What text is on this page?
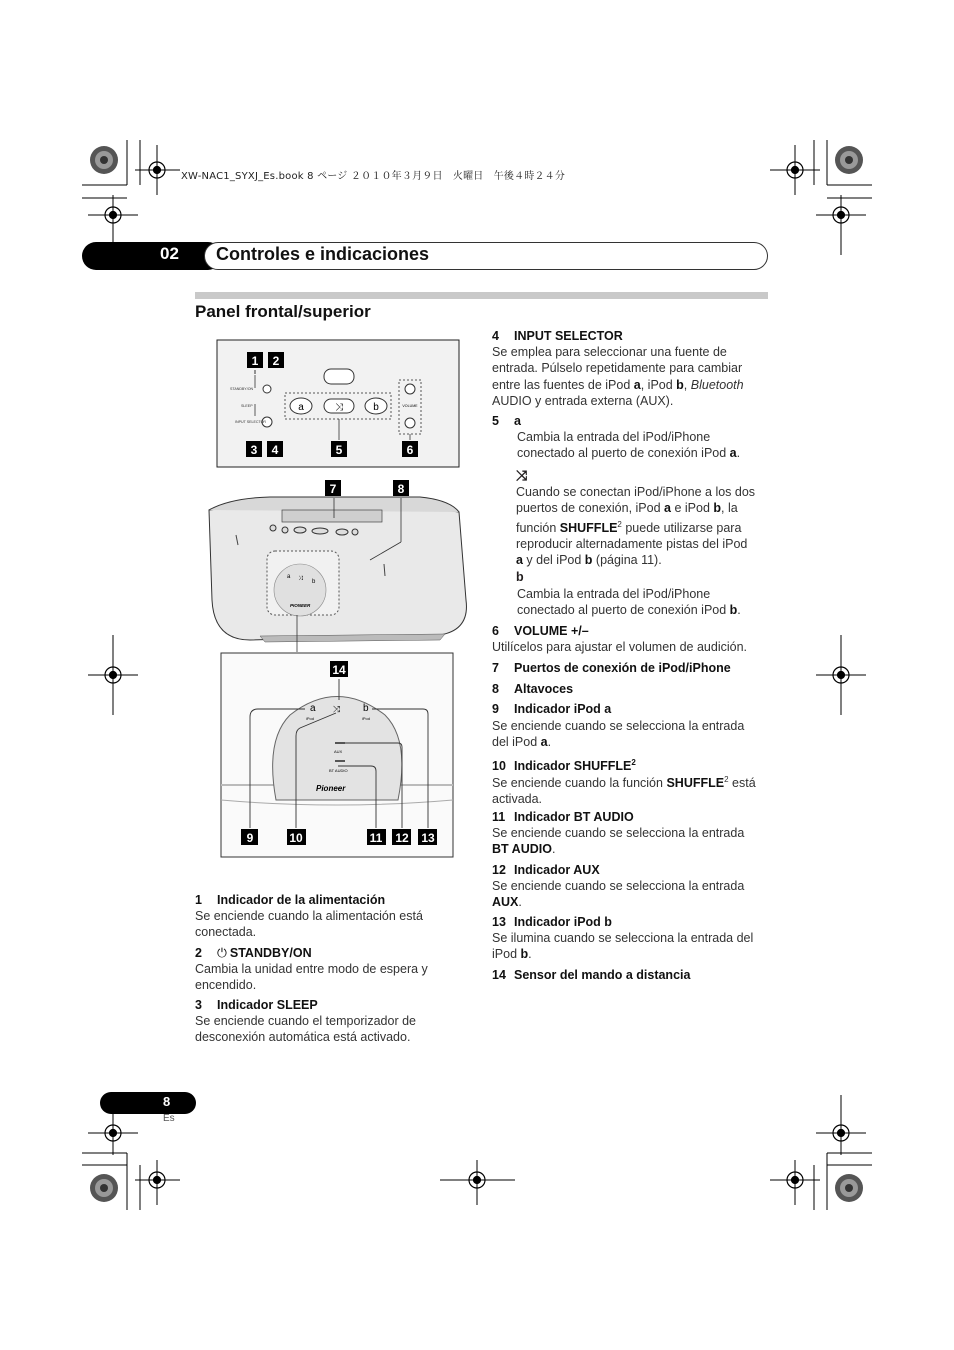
XW-NAC1_SYXJ_Es.book 8 ページ ２０１０年３月９日　火曜日　午後４時２４分
02 Controles e indicaciones
Panel frontal/superior
STANDBY/ON
SLEEP
INPUT SELECTOR
a	⤨	b	VOLUME
a
b
⤨
PIONEER
a	b
iPod	iPod
⤨
AUX
BT AUDIO
Pioneer
1 2
3 4	5	6
7	8
14
9	10	11 12 13
1 Indicador de la alimentación
Se enciende cuando la alimentación está
conectada.
2 ⏻ STANDBY/ON
Cambia la unidad entre modo de espera y
encendido.
3 Indicador SLEEP
Se enciende cuando el temporizador de
desconexión automática está activado.
4 INPUT SELECTOR
Se emplea para seleccionar una fuente de
entrada. Púlselo repetidamente para cambiar
entre las fuentes de iPod a, iPod b, Bluetooth
AUDIO y entrada externa (AUX).
5 a
Cambia la entrada del iPod/iPhone
conectado al puerto de conexión iPod a.
⤨
Cuando se conectan iPod/iPhone a los dos
puertos de conexión, iPod a e iPod b, la
función SHUFFLE$^2$ puede utilizarse para
reproducir alternadamente pistas del iPod
a y del iPod b (página 11).
b
Cambia la entrada del iPod/iPhone
conectado al puerto de conexión iPod b.
6 VOLUME +/–
Utilícelos para ajustar el volumen de audición.
7 Puertos de conexión de iPod/iPhone
8 Altavoces
9 Indicador iPod a
Se enciende cuando se selecciona la entrada
del iPod a.
10 Indicador SHUFFLE$^2$
Se enciende cuando la función SHUFFLE$^2$ está
activada.
11 Indicador BT AUDIO
Se enciende cuando se selecciona la entrada
BT AUDIO.
12 Indicador AUX
Se enciende cuando se selecciona la entrada
AUX.
13 Indicador iPod b
Se ilumina cuando se selecciona la entrada del
iPod b.
14 Sensor del mando a distancia
8
Es
